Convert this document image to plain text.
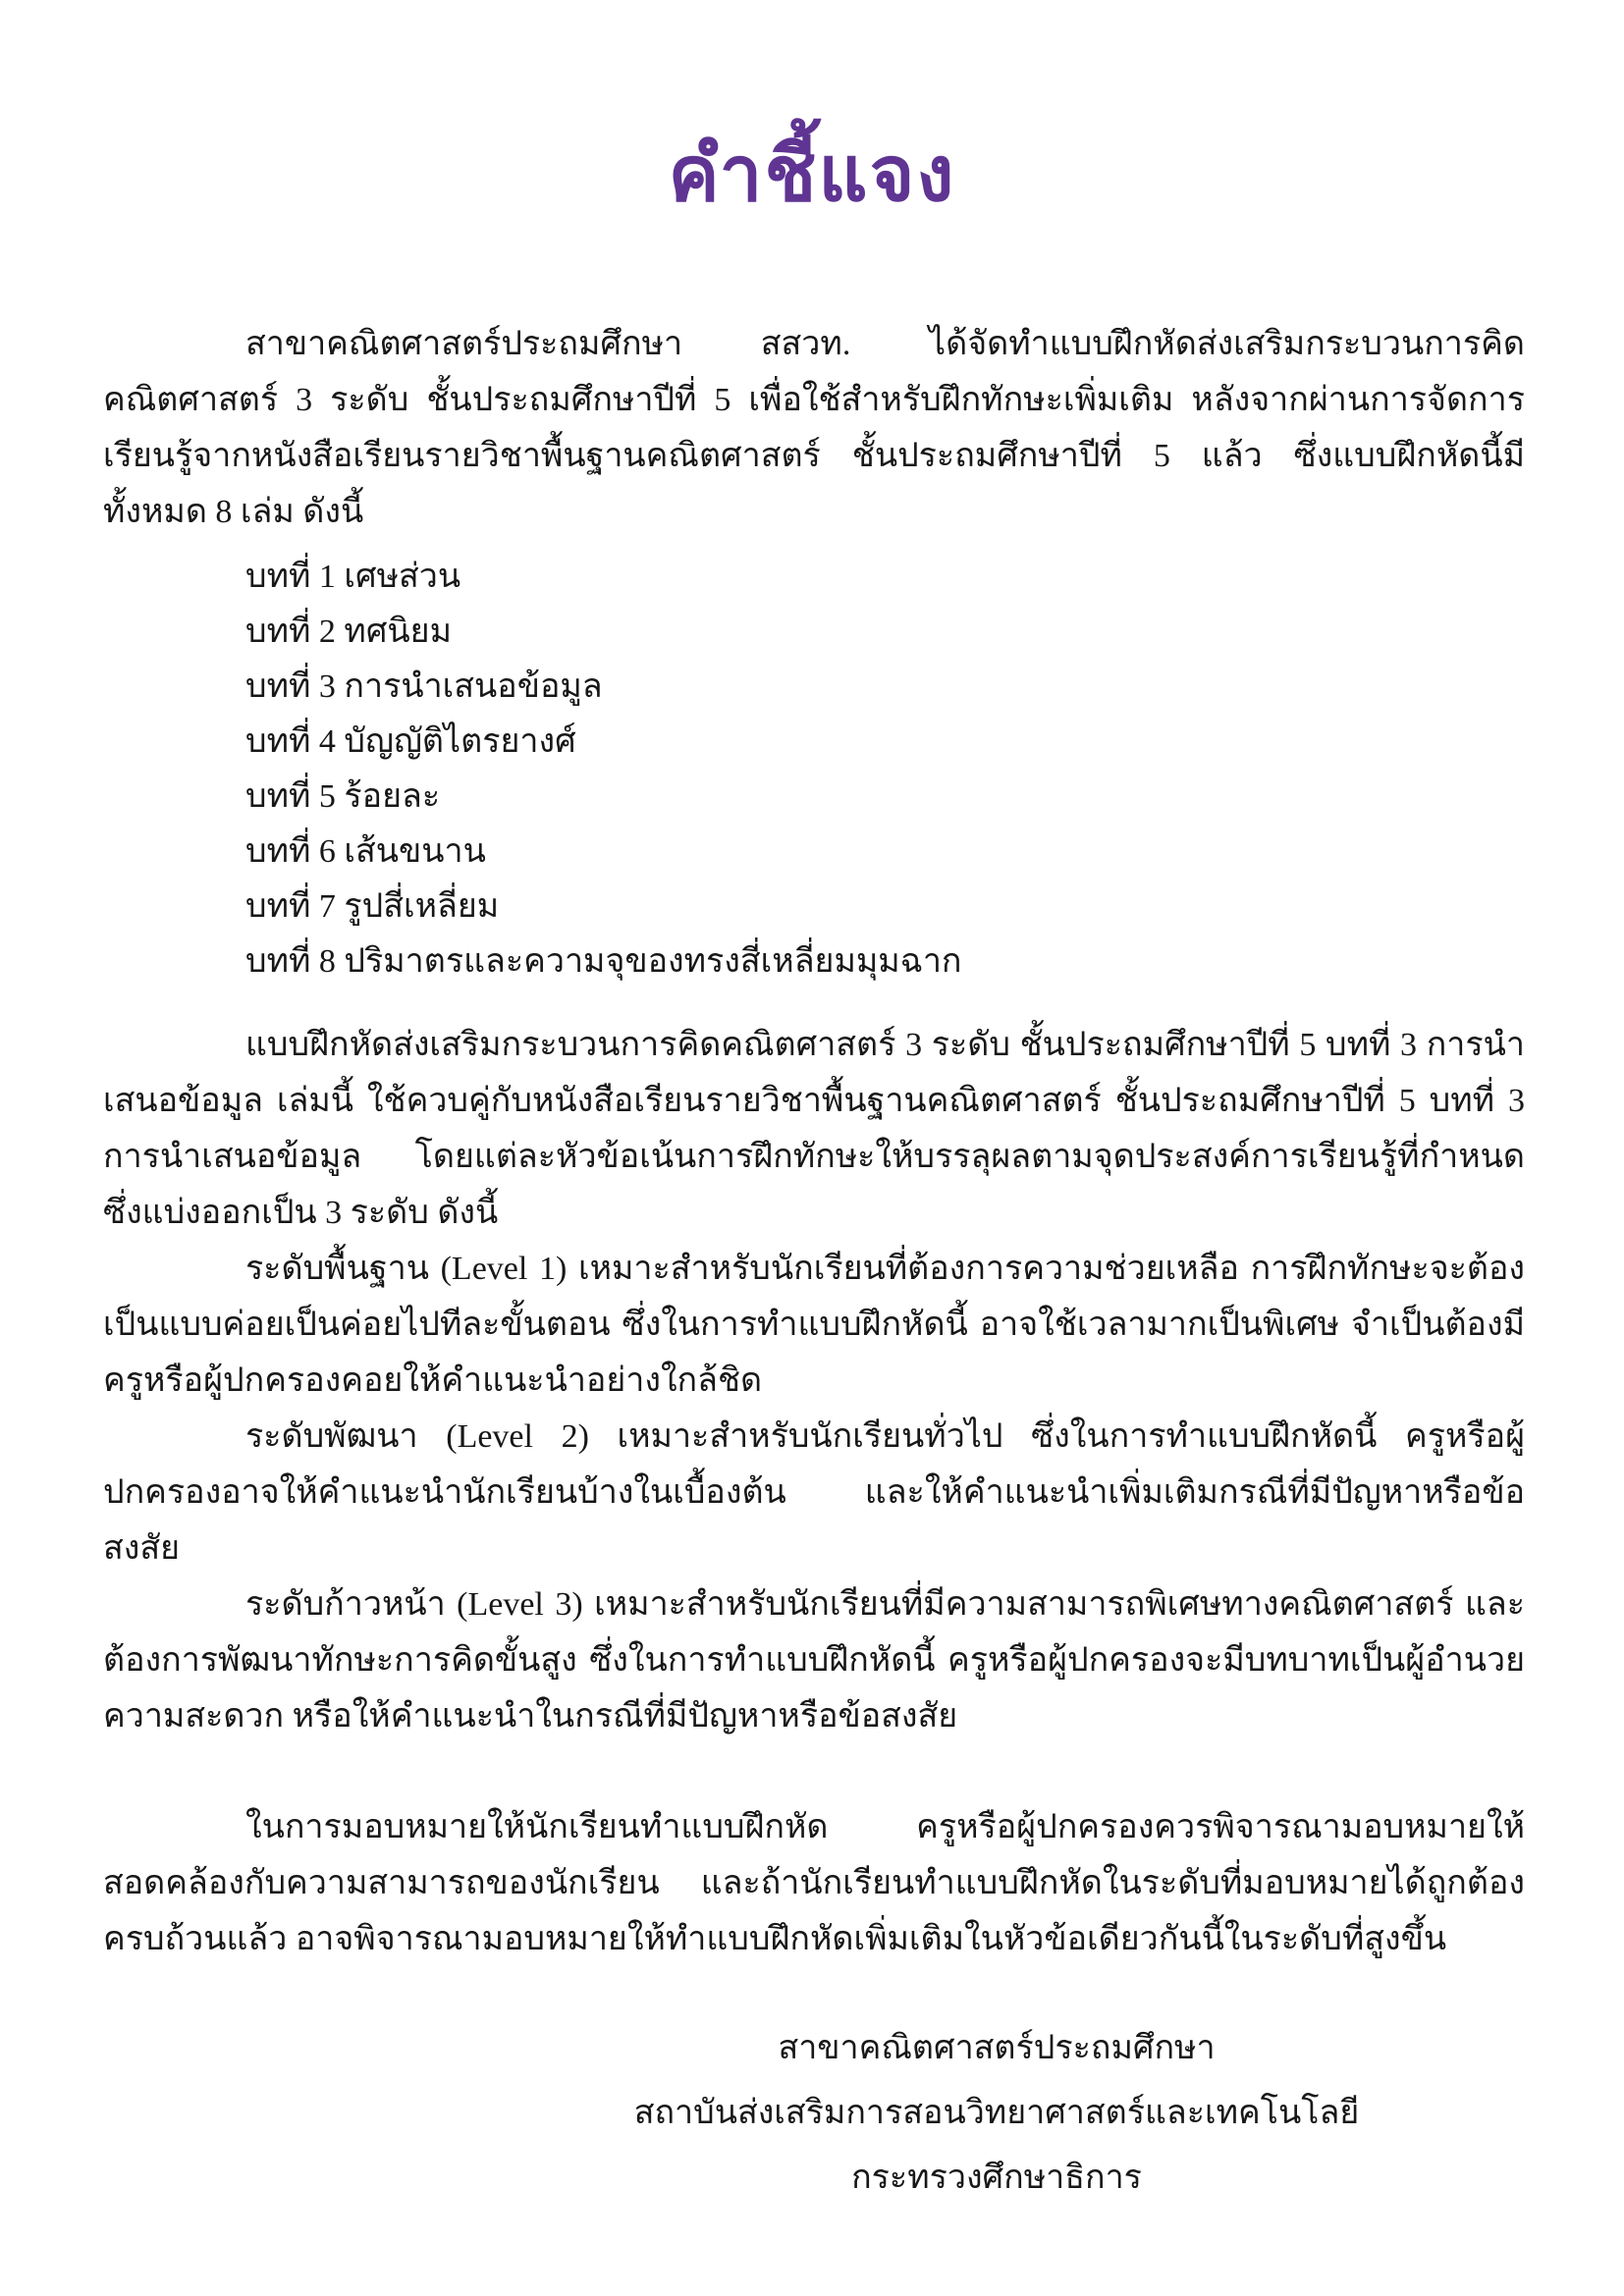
คำชี้แจง

สาขาคณิตศาสตร์ประถมศึกษา สสวท. ได้จัดทำแบบฝึกหัดส่งเสริมกระบวนการคิดคณิตศาสตร์ 3 ระดับ ชั้นประถมศึกษาปีที่ 5 เพื่อใช้สำหรับฝึกทักษะเพิ่มเติม หลังจากผ่านการจัดการเรียนรู้จากหนังสือเรียนรายวิชาพื้นฐานคณิตศาสตร์ ชั้นประถมศึกษาปีที่ 5 แล้ว ซึ่งแบบฝึกหัดนี้มีทั้งหมด 8 เล่ม ดังนี้

บทที่ 1 เศษส่วน
บทที่ 2 ทศนิยม
บทที่ 3 การนำเสนอข้อมูล
บทที่ 4 บัญญัติไตรยางศ์
บทที่ 5 ร้อยละ
บทที่ 6 เส้นขนาน
บทที่ 7 รูปสี่เหลี่ยม
บทที่ 8 ปริมาตรและความจุของทรงสี่เหลี่ยมมุมฉาก

แบบฝึกหัดส่งเสริมกระบวนการคิดคณิตศาสตร์ 3 ระดับ ชั้นประถมศึกษาปีที่ 5 บทที่ 3 การนำเสนอข้อมูล เล่มนี้ ใช้ควบคู่กับหนังสือเรียนรายวิชาพื้นฐานคณิตศาสตร์ ชั้นประถมศึกษาปีที่ 5 บทที่ 3 การนำเสนอข้อมูล โดยแต่ละหัวข้อเน้นการฝึกทักษะให้บรรลุผลตามจุดประสงค์การเรียนรู้ที่กำหนด ซึ่งแบ่งออกเป็น 3 ระดับ ดังนี้

ระดับพื้นฐาน (Level 1) เหมาะสำหรับนักเรียนที่ต้องการความช่วยเหลือ การฝึกทักษะจะต้องเป็นแบบค่อยเป็นค่อยไปทีละขั้นตอน ซึ่งในการทำแบบฝึกหัดนี้ อาจใช้เวลามากเป็นพิเศษ จำเป็นต้องมีครูหรือผู้ปกครองคอยให้คำแนะนำอย่างใกล้ชิด

ระดับพัฒนา (Level 2) เหมาะสำหรับนักเรียนทั่วไป ซึ่งในการทำแบบฝึกหัดนี้ ครูหรือผู้ปกครองอาจให้คำแนะนำนักเรียนบ้างในเบื้องต้น และให้คำแนะนำเพิ่มเติมกรณีที่มีปัญหาหรือข้อสงสัย

ระดับก้าวหน้า (Level 3) เหมาะสำหรับนักเรียนที่มีความสามารถพิเศษทางคณิตศาสตร์ และต้องการพัฒนาทักษะการคิดขั้นสูง ซึ่งในการทำแบบฝึกหัดนี้ ครูหรือผู้ปกครองจะมีบทบาทเป็นผู้อำนวยความสะดวก หรือให้คำแนะนำในกรณีที่มีปัญหาหรือข้อสงสัย

ในการมอบหมายให้นักเรียนทำแบบฝึกหัด ครูหรือผู้ปกครองควรพิจารณามอบหมายให้สอดคล้องกับความสามารถของนักเรียน และถ้านักเรียนทำแบบฝึกหัดในระดับที่มอบหมายได้ถูกต้อง ครบถ้วนแล้ว อาจพิจารณามอบหมายให้ทำแบบฝึกหัดเพิ่มเติมในหัวข้อเดียวกันนี้ในระดับที่สูงขึ้น

สาขาคณิตศาสตร์ประถมศึกษา
สถาบันส่งเสริมการสอนวิทยาศาสตร์และเทคโนโลยี
กระทรวงศึกษาธิการ
